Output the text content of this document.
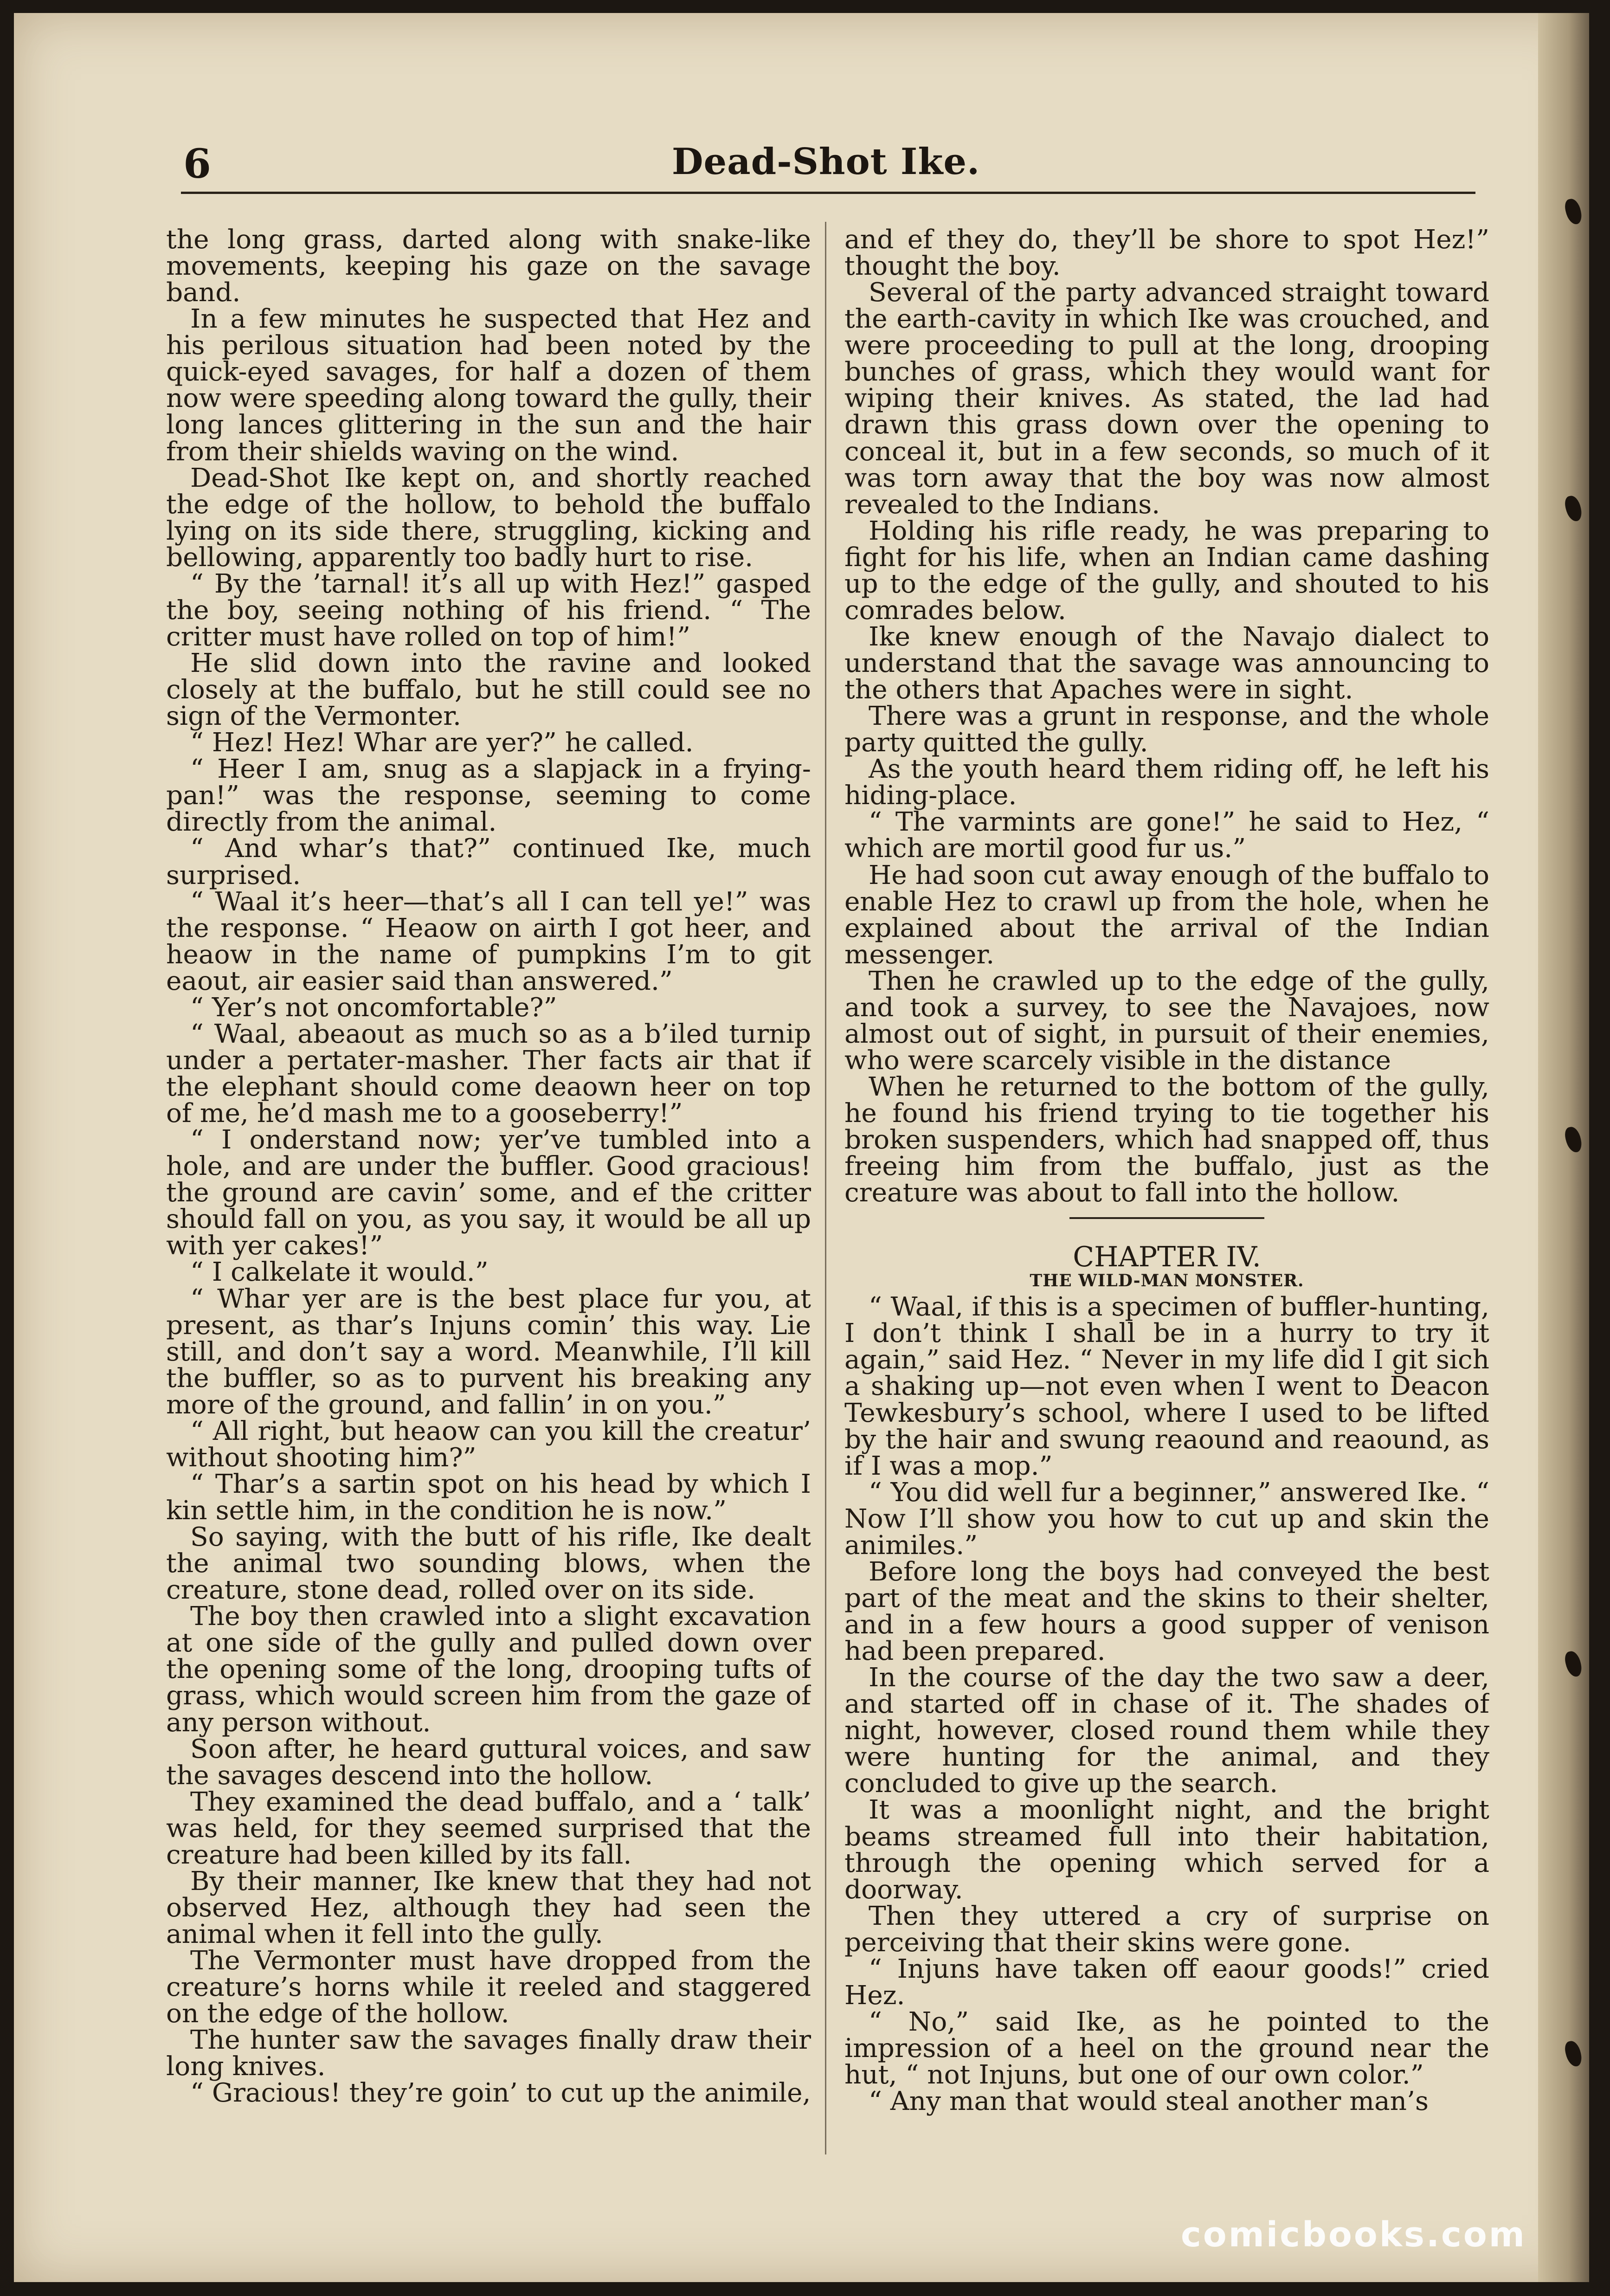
6	Dead-Shot Ike.

the long grass, darted along with snake-like movements, keeping his gaze on the savage band.

In a few minutes he suspected that Hez and his perilous situation had been noted by the quick-eyed savages, for half a dozen of them now were speeding along toward the gully, their long lances glittering in the sun and the hair from their shields waving on the wind.

Dead-Shot Ike kept on, and shortly reached the edge of the hollow, to behold the buffalo lying on its side there, struggling, kicking and bellowing, apparently too badly hurt to rise.

“ By the ’tarnal! it’s all up with Hez!” gasped the boy, seeing nothing of his friend. “ The critter must have rolled on top of him!”

He slid down into the ravine and looked closely at the buffalo, but he still could see no sign of the Vermonter.

“ Hez! Hez! Whar are yer?” he called.

“ Heer I am, snug as a slapjack in a frying-pan!” was the response, seeming to come directly from the animal.

“ And whar’s that?” continued Ike, much surprised.

“ Waal it’s heer—that’s all I can tell ye!” was the response. “ Heaow on airth I got heer, and heaow in the name of pumpkins I’m to git eaout, air easier said than answered.”

“ Yer’s not oncomfortable?”

“ Waal, abeaout as much so as a b’iled turnip under a pertater-masher. Ther facts air that if the elephant should come deaown heer on top of me, he’d mash me to a gooseberry!”

“ I onderstand now; yer’ve tumbled into a hole, and are under the buffler. Good gracious! the ground are cavin’ some, and ef the critter should fall on you, as you say, it would be all up with yer cakes!”

“ I calkelate it would.”

“ Whar yer are is the best place fur you, at present, as thar’s Injuns comin’ this way. Lie still, and don’t say a word. Meanwhile, I’ll kill the buffler, so as to purvent his breaking any more of the ground, and fallin’ in on you.”

“ All right, but heaow can you kill the creatur’ without shooting him?”

“ Thar’s a sartin spot on his head by which I kin settle him, in the condition he is now.”

So saying, with the butt of his rifle, Ike dealt the animal two sounding blows, when the creature, stone dead, rolled over on its side.

The boy then crawled into a slight excavation at one side of the gully and pulled down over the opening some of the long, drooping tufts of grass, which would screen him from the gaze of any person without.

Soon after, he heard guttural voices, and saw the savages descend into the hollow.

They examined the dead buffalo, and a ‘ talk’ was held, for they seemed surprised that the creature had been killed by its fall.

By their manner, Ike knew that they had not observed Hez, although they had seen the animal when it fell into the gully.

The Vermonter must have dropped from the creature’s horns while it reeled and staggered on the edge of the hollow.

The hunter saw the savages finally draw their long knives.

“ Gracious! they’re goin’ to cut up the animile,

and ef they do, they’ll be shore to spot Hez!” thought the boy.

Several of the party advanced straight toward the earth-cavity in which Ike was crouched, and were proceeding to pull at the long, drooping bunches of grass, which they would want for wiping their knives. As stated, the lad had drawn this grass down over the opening to conceal it, but in a few seconds, so much of it was torn away that the boy was now almost revealed to the Indians.

Holding his rifle ready, he was preparing to fight for his life, when an Indian came dashing up to the edge of the gully, and shouted to his comrades below.

Ike knew enough of the Navajo dialect to understand that the savage was announcing to the others that Apaches were in sight.

There was a grunt in response, and the whole party quitted the gully.

As the youth heard them riding off, he left his hiding-place.

“ The varmints are gone!” he said to Hez, “ which are mortil good fur us.”

He had soon cut away enough of the buffalo to enable Hez to crawl up from the hole, when he explained about the arrival of the Indian messenger.

Then he crawled up to the edge of the gully, and took a survey, to see the Navajoes, now almost out of sight, in pursuit of their enemies, who were scarcely visible in the distance

When he returned to the bottom of the gully, he found his friend trying to tie together his broken suspenders, which had snapped off, thus freeing him from the buffalo, just as the creature was about to fall into the hollow.

CHAPTER IV.
THE WILD-MAN MONSTER.

“ Waal, if this is a specimen of buffler-hunting, I don’t think I shall be in a hurry to try it again,” said Hez. “ Never in my life did I git sich a shaking up—not even when I went to Deacon Tewkesbury’s school, where I used to be lifted by the hair and swung reaound and reaound, as if I was a mop.”

“ You did well fur a beginner,” answered Ike. “ Now I’ll show you how to cut up and skin the animiles.”

Before long the boys had conveyed the best part of the meat and the skins to their shelter, and in a few hours a good supper of venison had been prepared.

In the course of the day the two saw a deer, and started off in chase of it. The shades of night, however, closed round them while they were hunting for the animal, and they concluded to give up the search.

It was a moonlight night, and the bright beams streamed full into their habitation, through the opening which served for a doorway.

Then they uttered a cry of surprise on perceiving that their skins were gone.

“ Injuns have taken off eaour goods!” cried Hez.

“ No,” said Ike, as he pointed to the impression of a heel on the ground near the hut, “ not Injuns, but one of our own color.”

“ Any man that would steal another man’s

comicbooks.com
